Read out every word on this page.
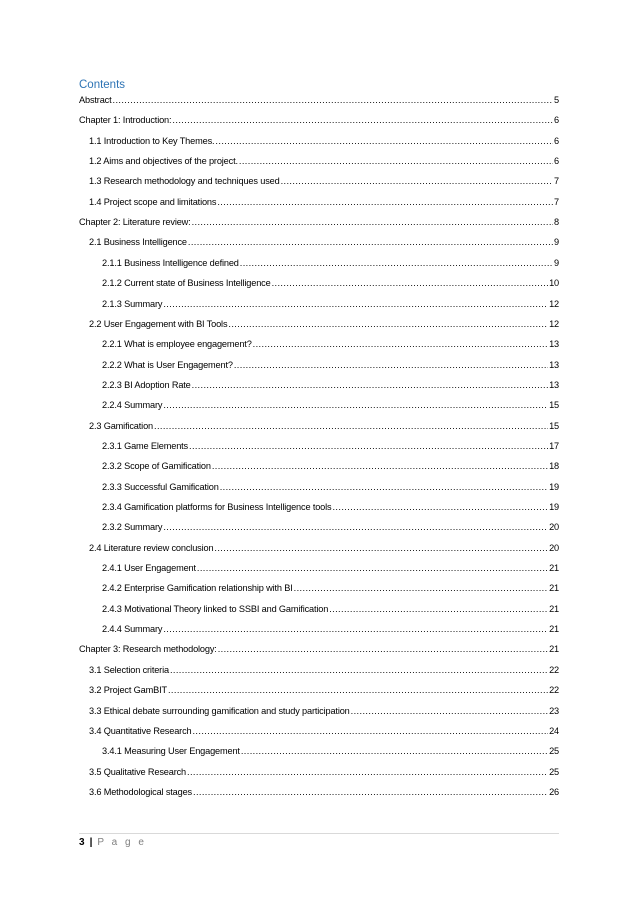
Contents
Abstract .....	5
Chapter 1: Introduction: .....	6
1.1 Introduction to Key Themes. .....	6
1.2 Aims and objectives of the project. .....	6
1.3 Research methodology and techniques used .....	7
1.4 Project scope and limitations .....	7
Chapter 2: Literature review: .....	8
2.1 Business Intelligence .....	9
2.1.1 Business Intelligence defined .....	9
2.1.2 Current state of Business Intelligence .....	10
2.1.3 Summary .....	12
2.2 User Engagement with BI Tools .....	12
2.2.1 What is employee engagement? .....	13
2.2.2 What is User Engagement? .....	13
2.2.3 BI Adoption Rate .....	13
2.2.4 Summary .....	15
2.3 Gamification .....	15
2.3.1 Game Elements .....	17
2.3.2 Scope of Gamification .....	18
2.3.3 Successful Gamification .....	19
2.3.4 Gamification platforms for Business Intelligence tools .....	19
2.3.2 Summary .....	20
2.4 Literature review conclusion .....	20
2.4.1 User Engagement .....	21
2.4.2 Enterprise Gamification relationship with BI .....	21
2.4.3 Motivational Theory linked to SSBI and Gamification .....	21
2.4.4 Summary .....	21
Chapter 3: Research methodology: .....	21
3.1 Selection criteria .....	22
3.2 Project GamBIT .....	22
3.3 Ethical debate surrounding gamification and study participation .....	23
3.4 Quantitative Research .....	24
3.4.1 Measuring User Engagement .....	25
3.5 Qualitative Research .....	25
3.6 Methodological stages .....	26
3 | P a g e
